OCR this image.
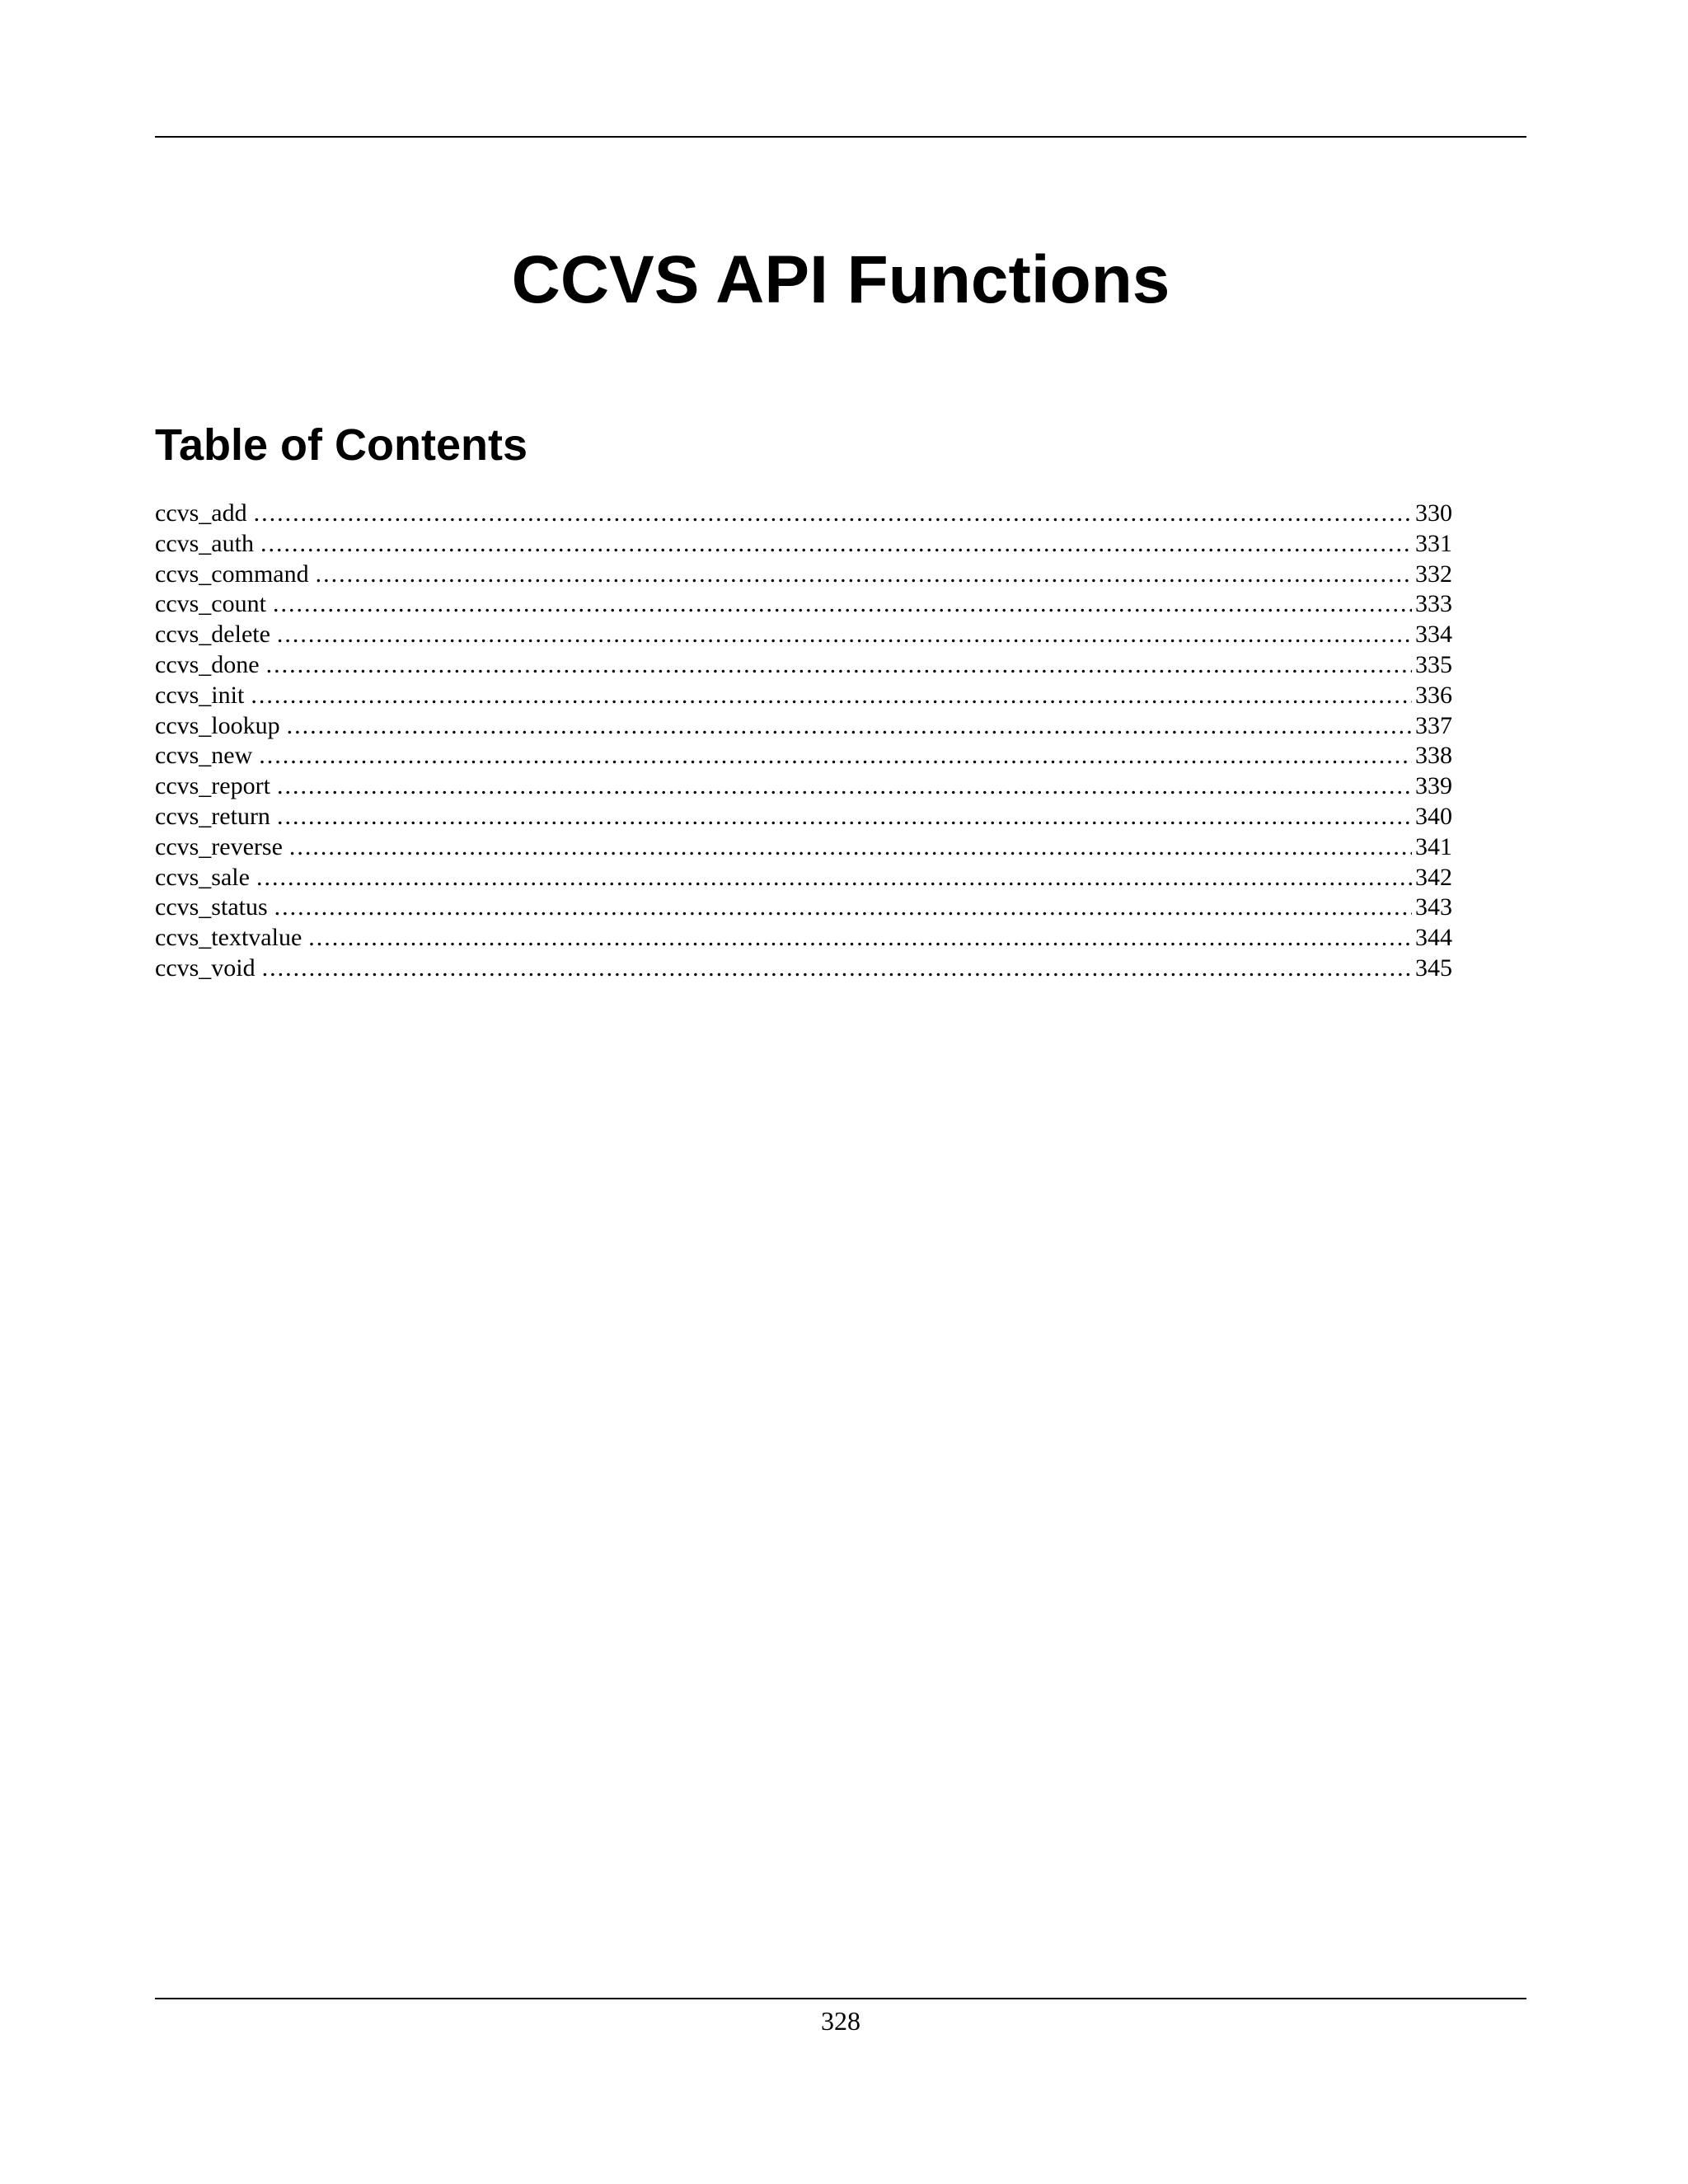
CCVS API Functions
Table of Contents
ccvs_add .....	330
ccvs_auth .....	331
ccvs_command .....	332
ccvs_count .....	333
ccvs_delete .....	334
ccvs_done .....	335
ccvs_init .....	336
ccvs_lookup .....	337
ccvs_new .....	338
ccvs_report .....	339
ccvs_return .....	340
ccvs_reverse .....	341
ccvs_sale .....	342
ccvs_status .....	343
ccvs_textvalue .....	344
ccvs_void .....	345
328
